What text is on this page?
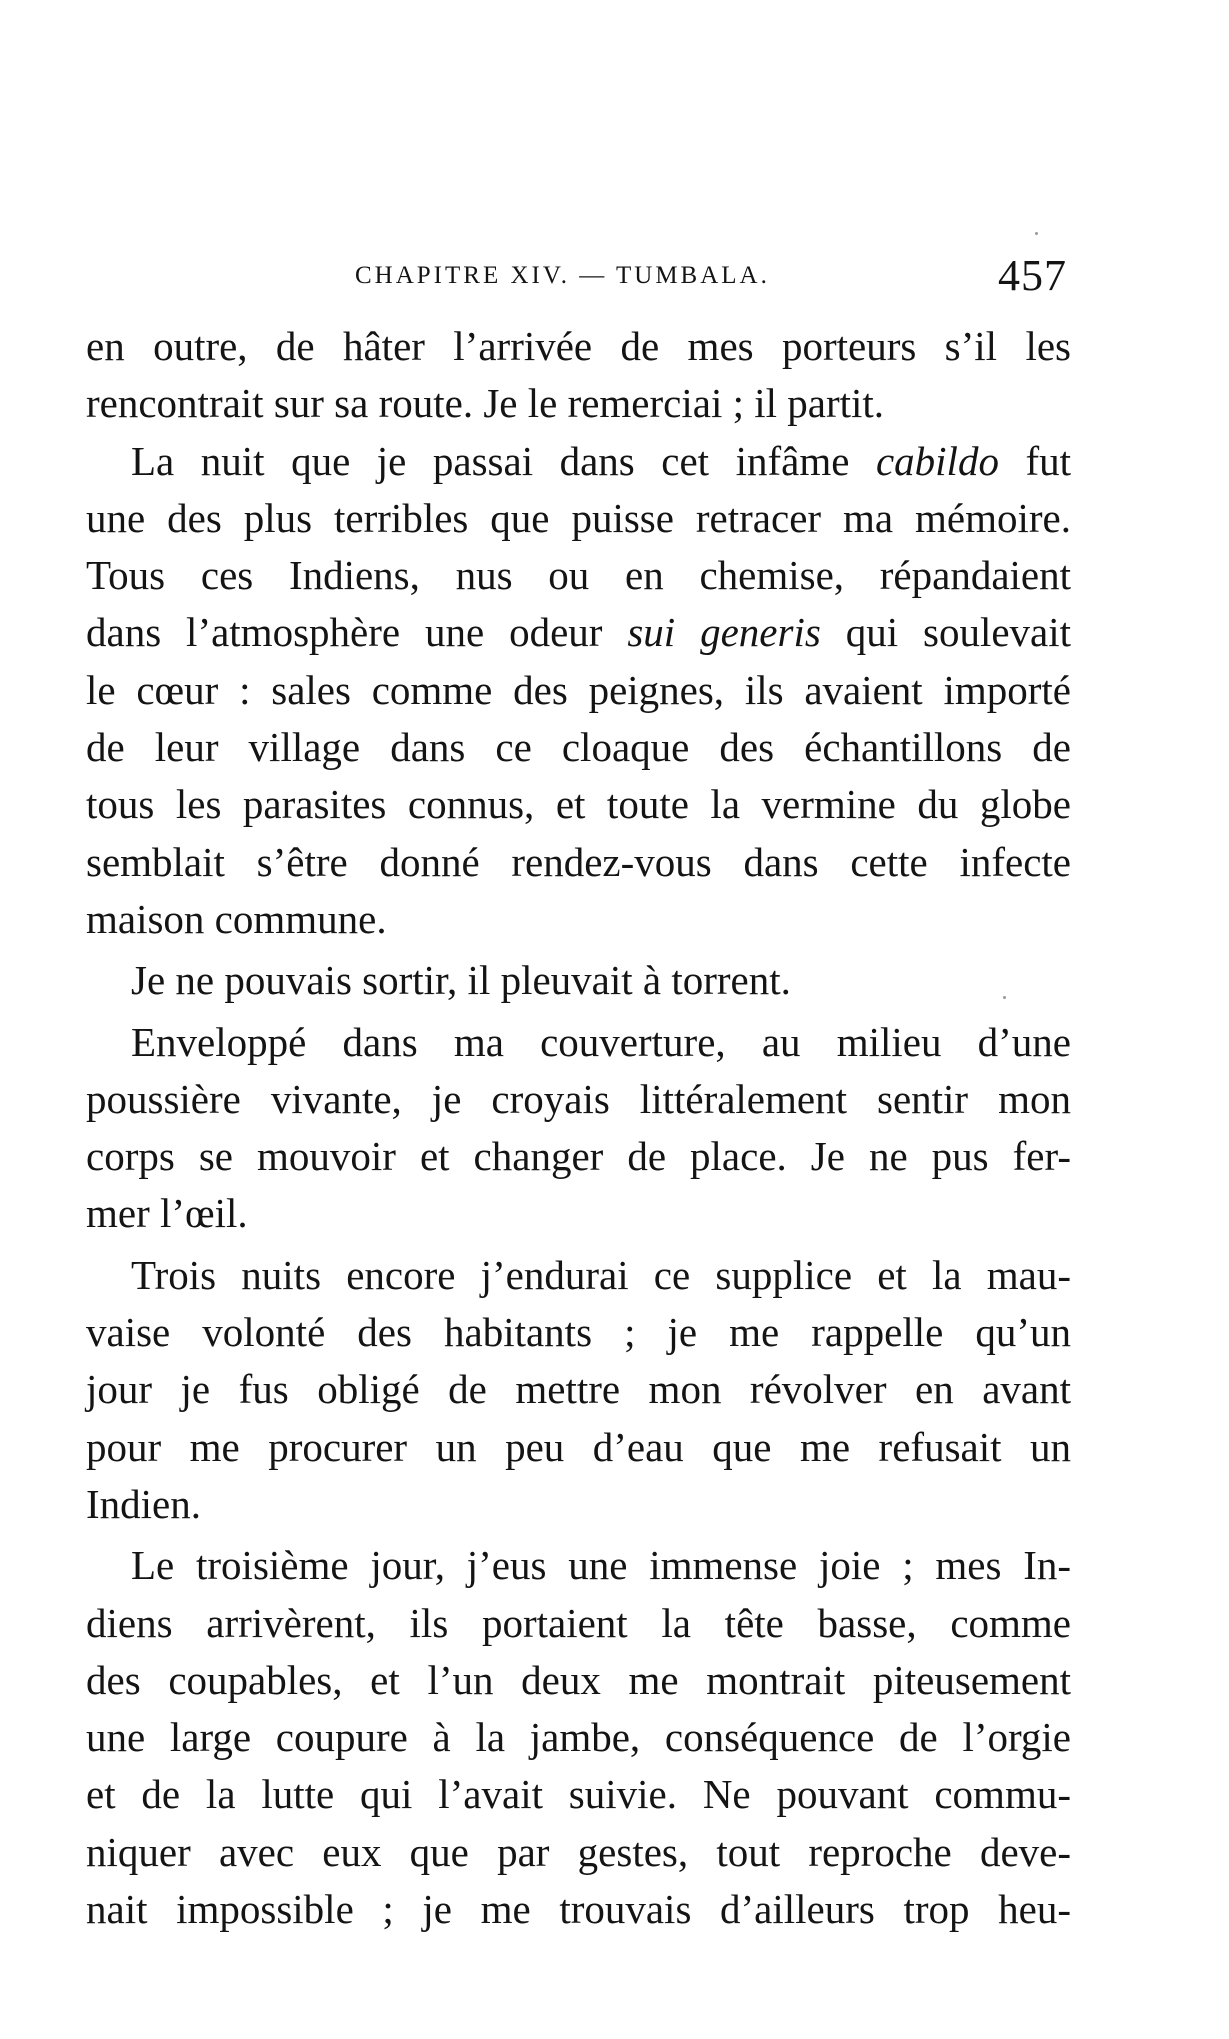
CHAPITRE XIV. — TUMBALA.	457
en outre, de hâter l’arrivée de mes porteurs s’il les
rencontrait sur sa route. Je le remerciai ; il partit.
La nuit que je passai dans cet infâme cabildo fut
une des plus terribles que puisse retracer ma mémoire.
Tous ces Indiens, nus ou en chemise, répandaient
dans l’atmosphère une odeur sui generis qui soulevait
le cœur : sales comme des peignes, ils avaient importé
de leur village dans ce cloaque des échantillons de
tous les parasites connus, et toute la vermine du globe
semblait s’être donné rendez-vous dans cette infecte
maison commune.
Je ne pouvais sortir, il pleuvait à torrent.
Enveloppé dans ma couverture, au milieu d’une
poussière vivante, je croyais littéralement sentir mon
corps se mouvoir et changer de place. Je ne pus fer-
mer l’œil.
Trois nuits encore j’endurai ce supplice et la mau-
vaise volonté des habitants ; je me rappelle qu’un
jour je fus obligé de mettre mon révolver en avant
pour me procurer un peu d’eau que me refusait un
Indien.
Le troisième jour, j’eus une immense joie ; mes In-
diens arrivèrent, ils portaient la tête basse, comme
des coupables, et l’un deux me montrait piteusement
une large coupure à la jambe, conséquence de l’orgie
et de la lutte qui l’avait suivie. Ne pouvant commu-
niquer avec eux que par gestes, tout reproche deve-
nait impossible ; je me trouvais d’ailleurs trop heu-
